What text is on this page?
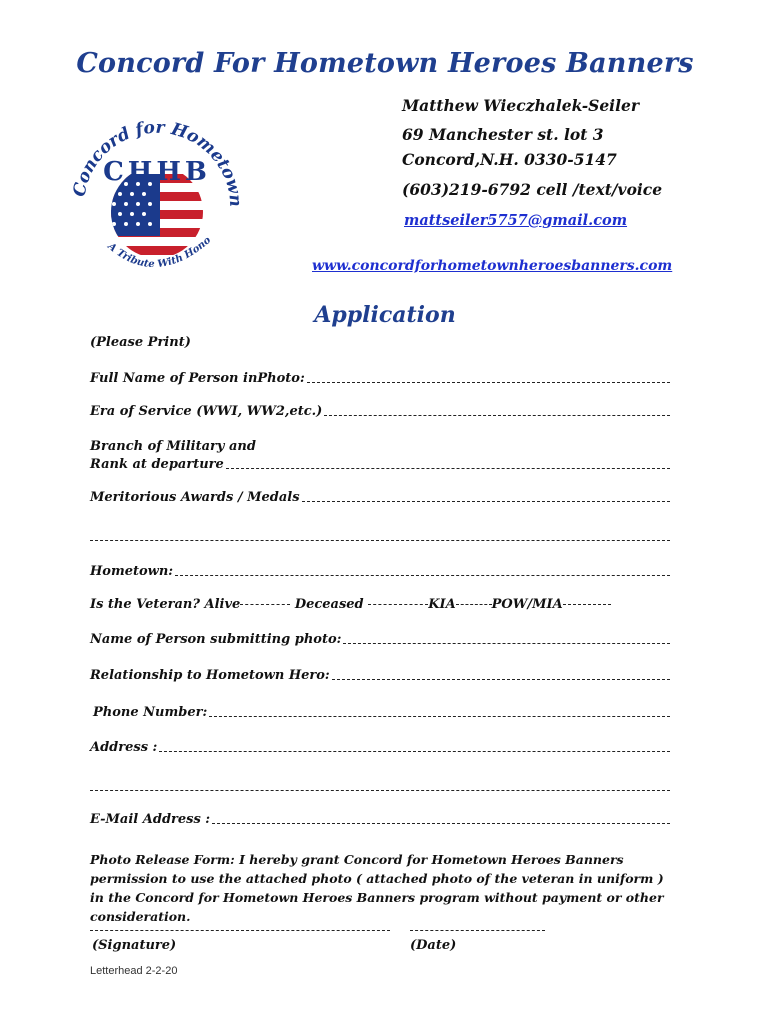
Concord For Hometown Heroes Banners
Concord for Hometow
CHHB
A Tribute With Hono
Matthew Wieczhalek-Seiler
69 Manchester st. lot 3
Concord,N.H. 0330-5147
(603)219-6792 cell /text/voice
mattseiler5757@gmail.com
www.concordforhometownheroesbanners.com
Application
(Please Print)
Full Name of Person inPhoto:
Era of Service (WWI, WW2,etc.)
Branch of Military and
Rank at departure
Meritorious Awards / Medals
Hometown:
Is the Veteran? Alive	Deceased	KIA	POW/MIA
Name of Person submitting photo:
Relationship to Hometown Hero:
Phone Number:
Address :
E-Mail Address :
Photo Release Form: I hereby grant Concord for Hometown Heroes Banners permission to use the attached photo ( attached photo of the veteran in uniform ) in the Concord for Hometown Heroes Banners program without payment or other consideration.
(Signature)	(Date)
Letterhead 2-2-20
